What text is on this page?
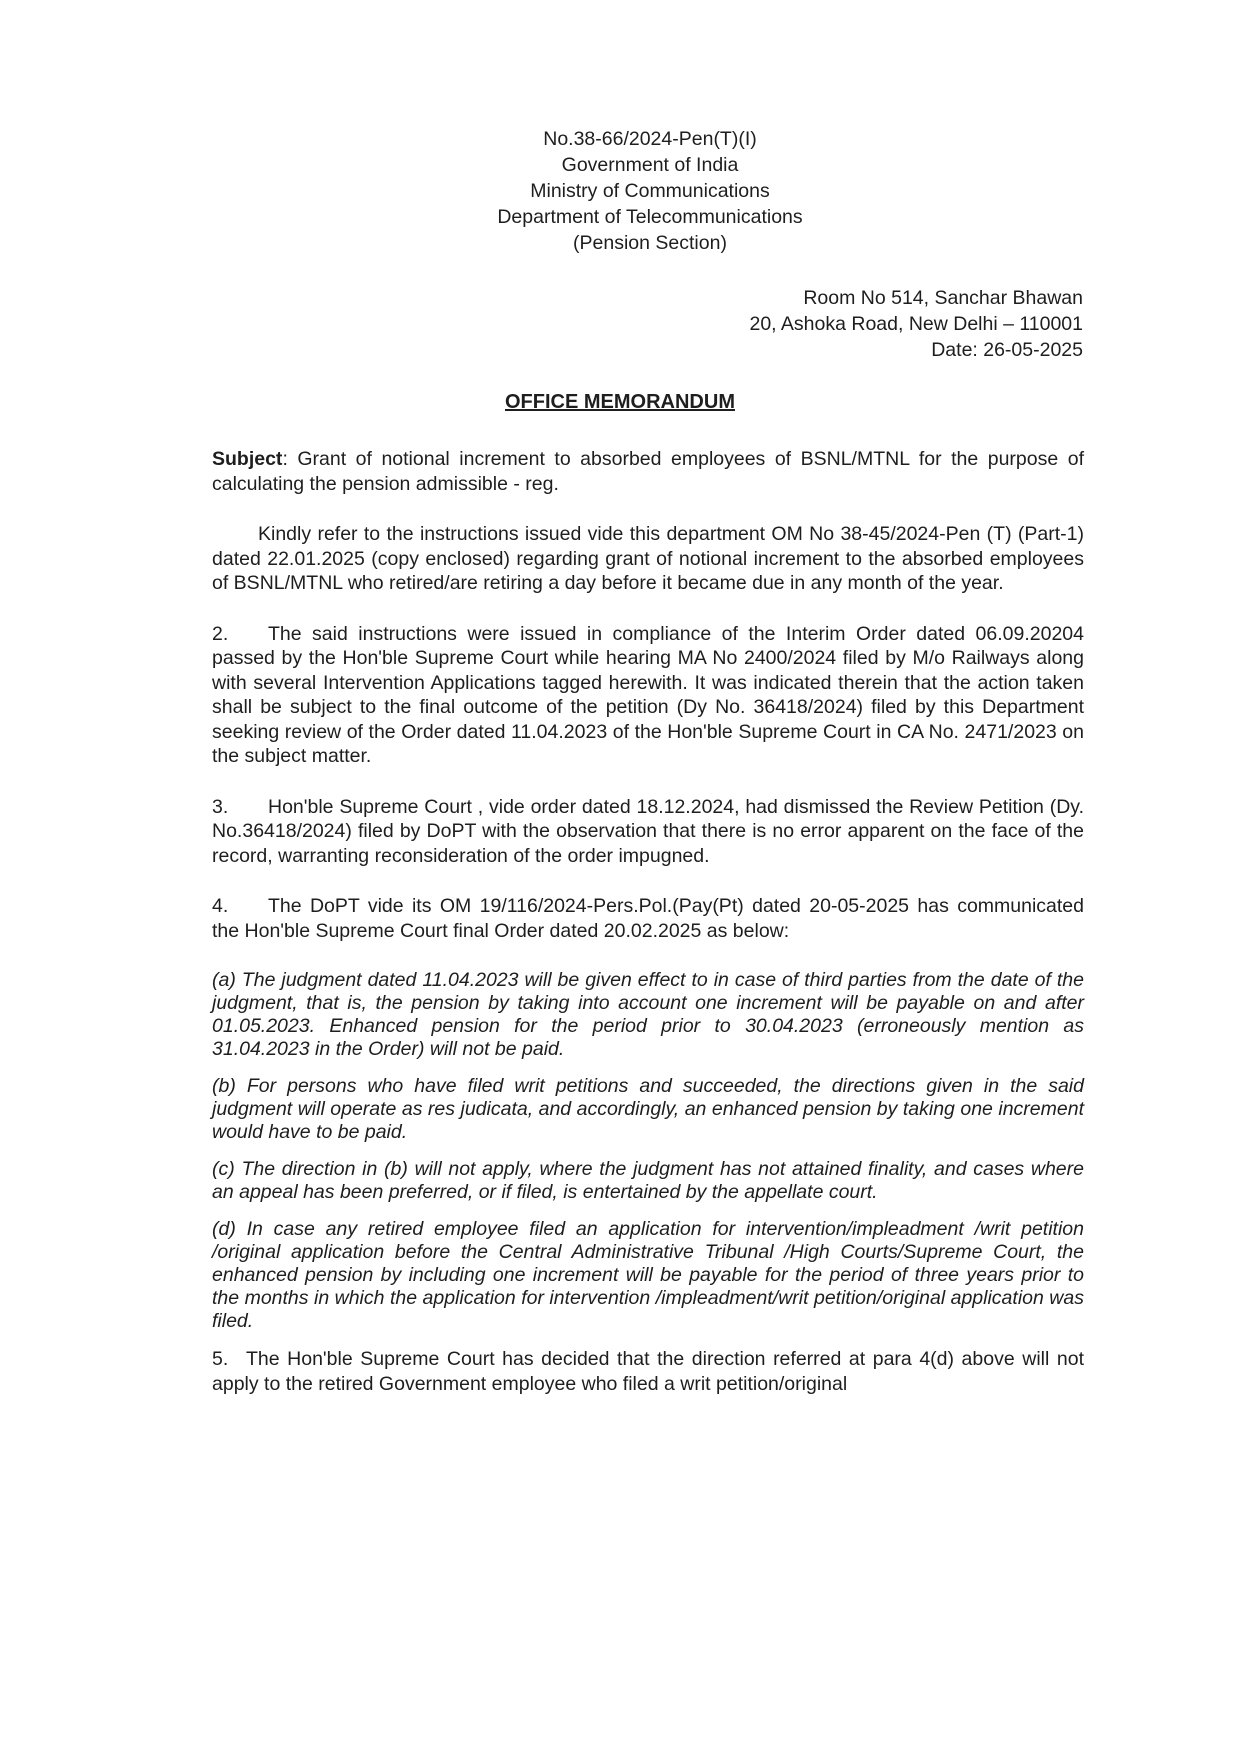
No.38-66/2024-Pen(T)(I)
Government of India
Ministry of Communications
Department of Telecommunications
(Pension Section)
Room No 514, Sanchar Bhawan
20, Ashoka Road, New Delhi – 110001
Date: 26-05-2025
OFFICE MEMORANDUM

Subject: Grant of notional increment to absorbed employees of BSNL/MTNL for the purpose of calculating the pension admissible - reg.

Kindly refer to the instructions issued vide this department OM No 38-45/2024-Pen (T) (Part-1) dated 22.01.2025 (copy enclosed) regarding grant of notional increment to the absorbed employees of BSNL/MTNL who retired/are retiring a day before it became due in any month of the year.

2. The said instructions were issued in compliance of the Interim Order dated 06.09.20204 passed by the Hon'ble Supreme Court while hearing MA No 2400/2024 filed by M/o Railways along with several Intervention Applications tagged herewith. It was indicated therein that the action taken shall be subject to the final outcome of the petition (Dy No. 36418/2024) filed by this Department seeking review of the Order dated 11.04.2023 of the Hon'ble Supreme Court in CA No. 2471/2023 on the subject matter.

3. Hon'ble Supreme Court , vide order dated 18.12.2024, had dismissed the Review Petition (Dy. No.36418/2024) filed by DoPT with the observation that there is no error apparent on the face of the record, warranting reconsideration of the order impugned.

4. The DoPT vide its OM 19/116/2024-Pers.Pol.(Pay(Pt) dated 20-05-2025 has communicated the Hon'ble Supreme Court final Order dated 20.02.2025 as below:

(a) The judgment dated 11.04.2023 will be given effect to in case of third parties from the date of the judgment, that is, the pension by taking into account one increment will be payable on and after 01.05.2023. Enhanced pension for the period prior to 30.04.2023 (erroneously mention as 31.04.2023 in the Order) will not be paid.

(b) For persons who have filed writ petitions and succeeded, the directions given in the said judgment will operate as res judicata, and accordingly, an enhanced pension by taking one increment would have to be paid.

(c) The direction in (b) will not apply, where the judgment has not attained finality, and cases where an appeal has been preferred, or if filed, is entertained by the appellate court.

(d) In case any retired employee filed an application for intervention/impleadment /writ petition /original application before the Central Administrative Tribunal /High Courts/Supreme Court, the enhanced pension by including one increment will be payable for the period of three years prior to the months in which the application for intervention /impleadment/writ petition/original application was filed.

5. The Hon'ble Supreme Court has decided that the direction referred at para 4(d) above will not apply to the retired Government employee who filed a writ petition/original
